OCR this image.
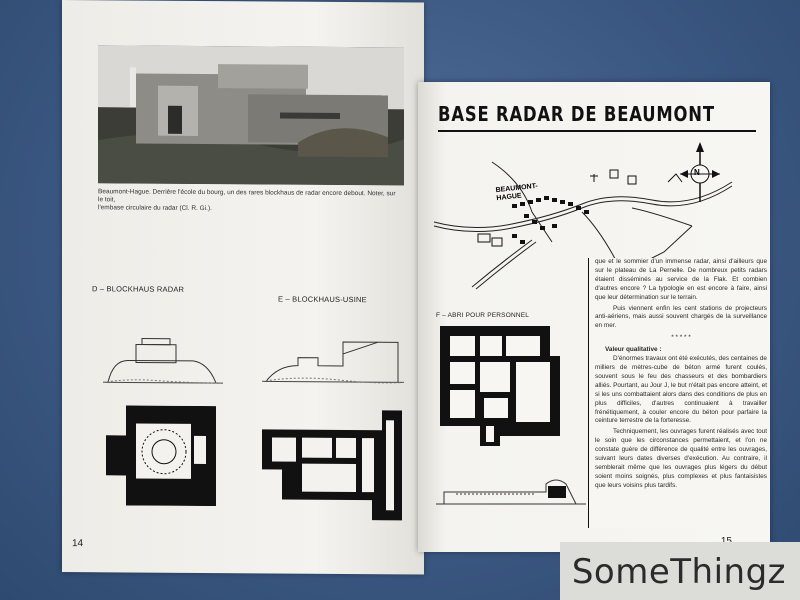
Beaumont-Hague. Derrière l'école du bourg, un des rares blockhaus de radar encore debout. Noter, sur le toit,
l'embase circulaire du radar (Cl. R. Gi.).
D – BLOCKHAUS RADAR
E – BLOCKHAUS-USINE
14
BASE RADAR DE BEAUMONT
N
BEAUMONT-HAGUE
F – ABRI POUR PERSONNEL
que et le sommier d'un immense radar, ainsi d'ailleurs que sur le plateau de La Pernelle. De nombreux petits radars étaient disséminés au service de la Flak. Et combien d'autres encore ? La typologie en est encore à faire, ainsi que leur détermination sur le terrain.
Puis viennent enfin les cent stations de projecteurs anti-aériens, mais aussi souvent chargés de la surveillance en mer.
* * * * *
Valeur qualitative :
D'énormes travaux ont été exécutés, des centaines de milliers de mètres-cube de béton armé furent coulés, souvent sous le feu des chasseurs et des bombardiers alliés. Pourtant, au Jour J, le but n'était pas encore atteint, et si les uns combattaient alors dans des conditions de plus en plus difficiles, d'autres continuaient à travailler frénétiquement, à couler encore du béton pour parfaire la ceinture terrestre de la forteresse.
Techniquement, les ouvrages furent réalisés avec tout le soin que les circonstances permettaient, et l'on ne constate guère de différence de qualité entre les ouvrages, suivant leurs dates diverses d'exécution. Au contraire, il semblerait même que les ouvrages plus légers du début soient moins soignés, plus complexes et plus fantaisistes que leurs voisins plus tardifs.
SomeThingz
